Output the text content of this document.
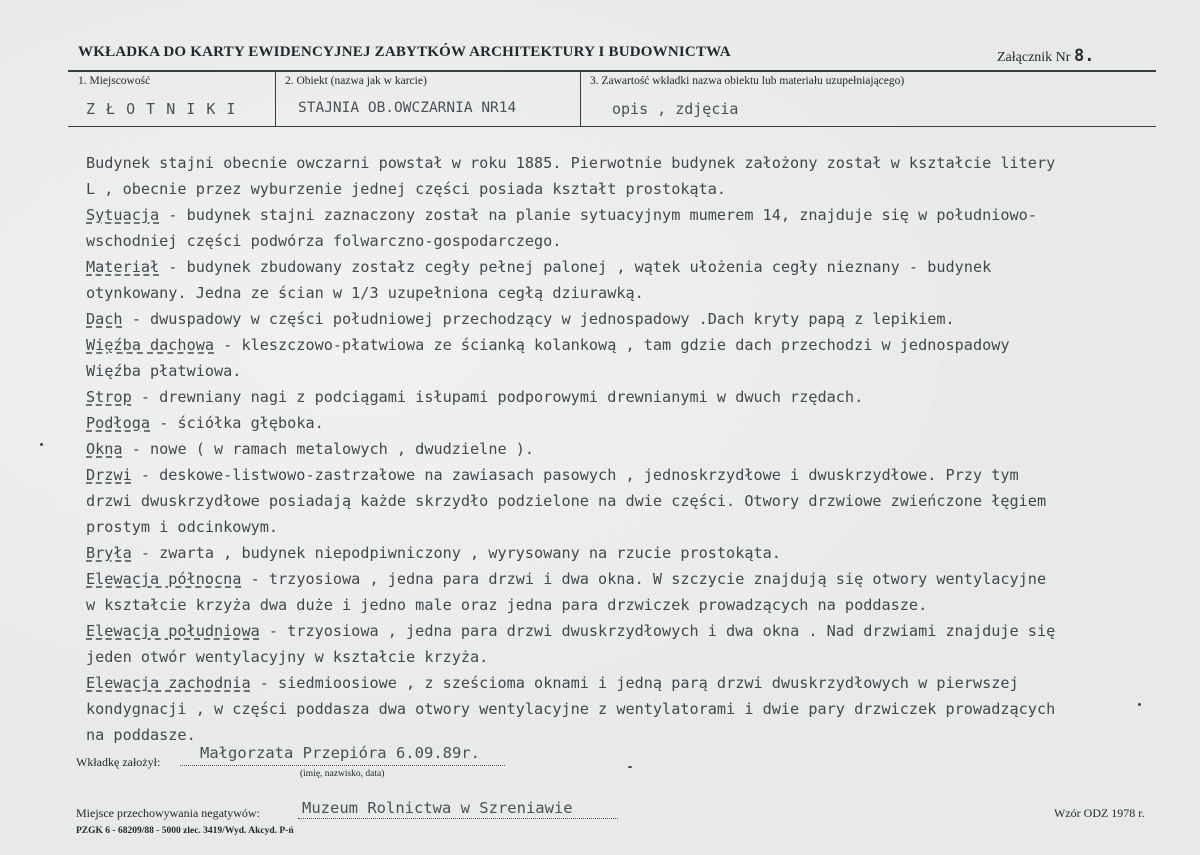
WKŁADKA DO KARTY EWIDENCYJNEJ ZABYTKÓW ARCHITEKTURY I BUDOWNICTWA	Załącznik Nr 8.
1. Miejscowość
Z Ł O T N I K I
2. Obiekt (nazwa jak w karcie)
STAJNIA OB.OWCZARNIA NR14
3. Zawartość wkładki nazwa obiektu lub materiału uzupełniającego)
opis , zdjęcia
Budynek stajni obecnie owczarni powstał w roku 1885. Pierwotnie budynek założony został w kształcie litery
L , obecnie przez wyburzenie jednej części posiada kształt prostokąta.
Sytuacja - budynek stajni zaznaczony został na planie sytuacyjnym mumerem 14, znajduje się w południowo-
wschodniej części podwórza folwarczno-gospodarczego.
Materiał - budynek zbudowany zostałz cegły pełnej palonej , wątek ułożenia cegły nieznany - budynek
otynkowany. Jedna ze ścian w 1/3 uzupełniona cegłą dziurawką.
Dach - dwuspadowy w części południowej przechodzący w jednospadowy .Dach kryty papą z lepikiem.
Więźba dachowa - kleszczowo-płatwiowa ze ścianką kolankową , tam gdzie dach przechodzi w jednospadowy
Więźba płatwiowa.
Strop - drewniany nagi z podciągami isłupami podporowymi drewnianymi w dwuch rzędach.
Podłoga - ściółka głęboka.
Okna - nowe ( w ramach metalowych , dwudzielne ).
Drzwi - deskowe-listwowo-zastrzałowe na zawiasach pasowych , jednoskrzydłowe i dwuskrzydłowe. Przy tym
drzwi dwuskrzydłowe posiadają każde skrzydło podzielone na dwie części. Otwory drzwiowe zwieńczone łęgiem
prostym i odcinkowym.
Bryła - zwarta , budynek niepodpiwniczony , wyrysowany na rzucie prostokąta.
Elewacja północna - trzyosiowa , jedna para drzwi i dwa okna. W szczycie znajdują się otwory wentylacyjne
w kształcie krzyża dwa duże i jedno male oraz jedna para drzwiczek prowadzących na poddasze.
Elewacja południowa - trzyosiowa , jedna para drzwi dwuskrzydłowych i dwa okna . Nad drzwiami znajduje się
jeden otwór wentylacyjny w kształcie krzyża.
Elewacja zachodnia - siedmioosiowe , z sześcioma oknami i jedną parą drzwi dwuskrzydłowych w pierwszej
kondygnacji , w części poddasza dwa otwory wentylacyjne z wentylatorami i dwie pary drzwiczek prowadzących
na poddasze.
Wkładkę założył:	Małgorzata Przepióra 6.09.89r.
(imię, nazwisko, data)
Miejsce przechowywania negatywów:	Muzeum Rolnictwa w Szreniawie	Wzór ODZ 1978 r.
PZGK 6 - 68209/88 - 5000 zlec. 3419/Wyd. Akcyd. P-ń
